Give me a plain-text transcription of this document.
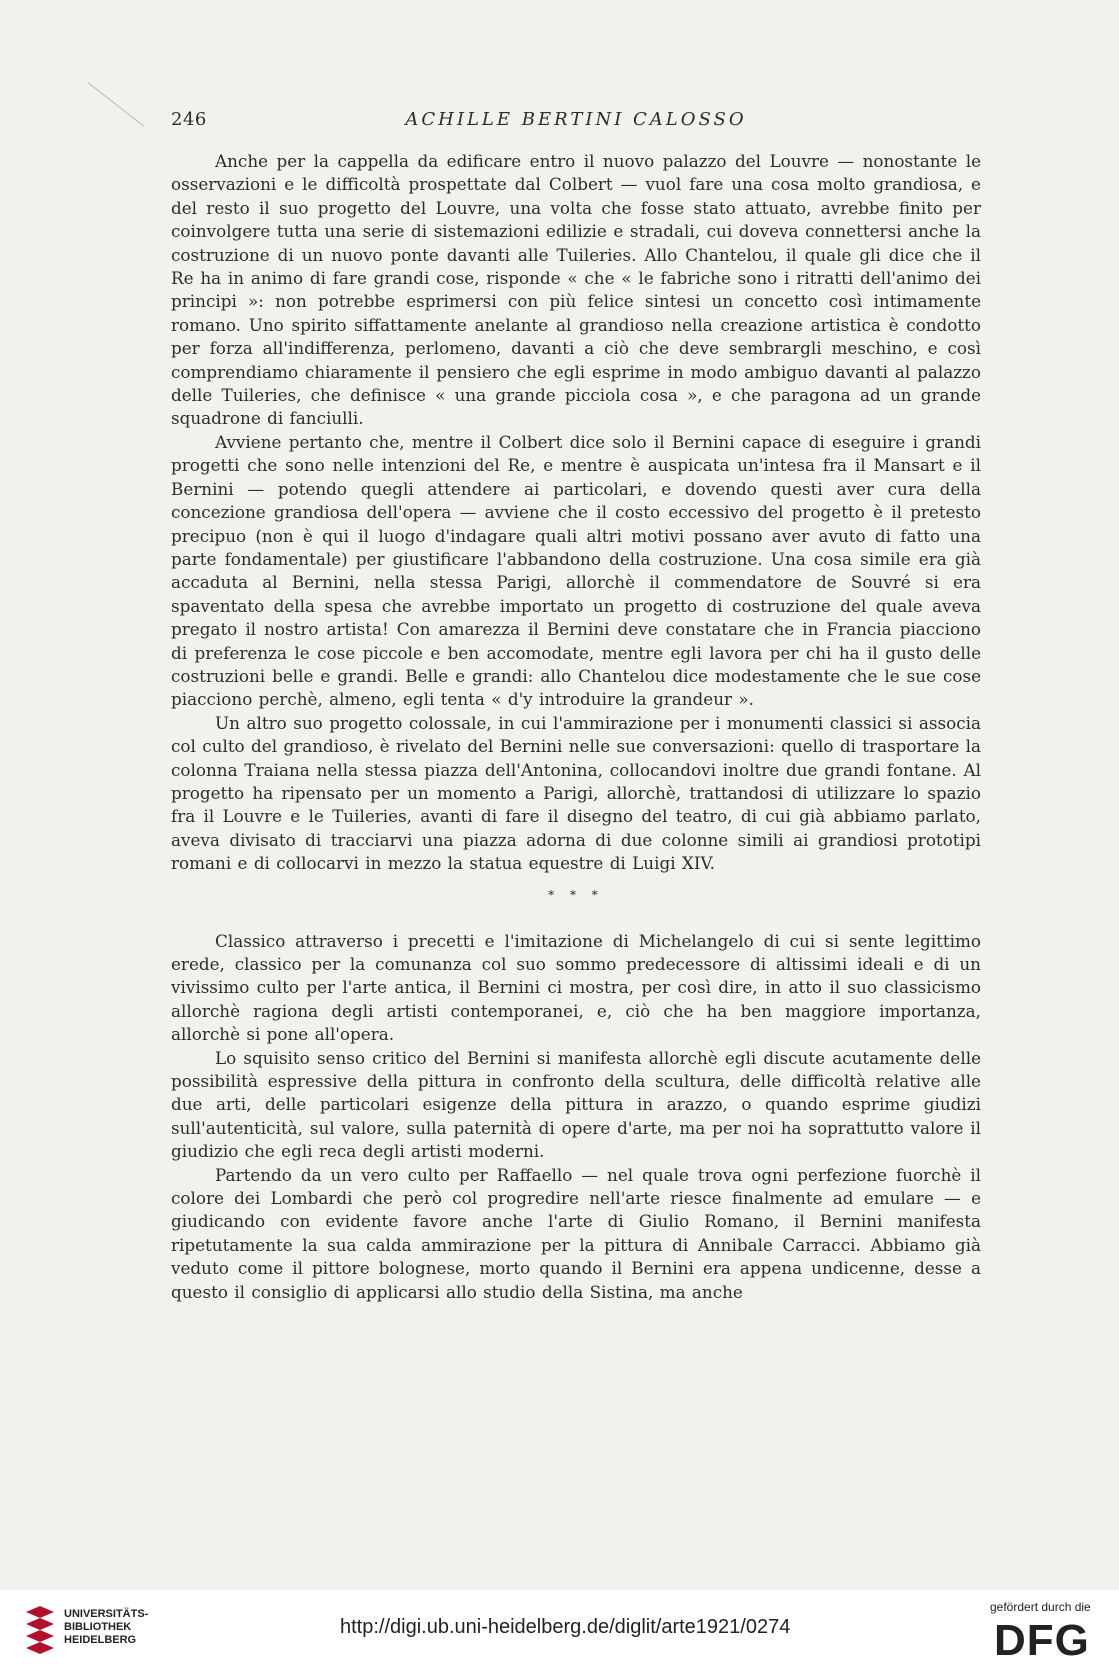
246	ACHILLE BERTINI CALOSSO

Anche per la cappella da edificare entro il nuovo palazzo del Louvre — nonostante le osservazioni e le difficoltà prospettate dal Colbert — vuol fare una cosa molto grandiosa, e del resto il suo progetto del Louvre, una volta che fosse stato attuato, avrebbe finito per coinvolgere tutta una serie di sistemazioni edilizie e stradali, cui doveva connettersi anche la costruzione di un nuovo ponte davanti alle Tuileries. Allo Chantelou, il quale gli dice che il Re ha in animo di fare grandi cose, risponde « che « le fabriche sono i ritratti dell'animo dei principi »: non potrebbe esprimersi con più felice sintesi un concetto così intimamente romano. Uno spirito siffattamente anelante al grandioso nella creazione artistica è condotto per forza all'indifferenza, perlomeno, davanti a ciò che deve sembrargli meschino, e così comprendiamo chiaramente il pensiero che egli esprime in modo ambiguo davanti al palazzo delle Tuileries, che definisce « una grande picciola cosa », e che paragona ad un grande squadrone di fanciulli.

Avviene pertanto che, mentre il Colbert dice solo il Bernini capace di eseguire i grandi progetti che sono nelle intenzioni del Re, e mentre è auspicata un'intesa fra il Mansart e il Bernini — potendo quegli attendere ai particolari, e dovendo questi aver cura della concezione grandiosa dell'opera — avviene che il costo eccessivo del progetto è il pretesto precipuo (non è qui il luogo d'indagare quali altri motivi possano aver avuto di fatto una parte fondamentale) per giustificare l'abbandono della costruzione. Una cosa simile era già accaduta al Bernini, nella stessa Parigi, allorchè il commendatore de Souvré si era spaventato della spesa che avrebbe importato un progetto di costruzione del quale aveva pregato il nostro artista! Con amarezza il Bernini deve constatare che in Francia piacciono di preferenza le cose piccole e ben accomodate, mentre egli lavora per chi ha il gusto delle costruzioni belle e grandi. Belle e grandi: allo Chantelou dice modestamente che le sue cose piacciono perchè, almeno, egli tenta « d'y introduire la grandeur ».

Un altro suo progetto colossale, in cui l'ammirazione per i monumenti classici si associa col culto del grandioso, è rivelato del Bernini nelle sue conversazioni: quello di trasportare la colonna Traiana nella stessa piazza dell'Antonina, collocandovi inoltre due grandi fontane. Al progetto ha ripensato per un momento a Parigi, allorchè, trattandosi di utilizzare lo spazio fra il Louvre e le Tuileries, avanti di fare il disegno del teatro, di cui già abbiamo parlato, aveva divisato di tracciarvi una piazza adorna di due colonne simili ai grandiosi prototipi romani e di collocarvi in mezzo la statua equestre di Luigi XIV.

* * *

Classico attraverso i precetti e l'imitazione di Michelangelo di cui si sente legittimo erede, classico per la comunanza col suo sommo predecessore di altissimi ideali e di un vivissimo culto per l'arte antica, il Bernini ci mostra, per così dire, in atto il suo classicismo allorchè ragiona degli artisti contemporanei, e, ciò che ha ben maggiore importanza, allorchè si pone all'opera.

Lo squisito senso critico del Bernini si manifesta allorchè egli discute acutamente delle possibilità espressive della pittura in confronto della scultura, delle difficoltà relative alle due arti, delle particolari esigenze della pittura in arazzo, o quando esprime giudizi sull'autenticità, sul valore, sulla paternità di opere d'arte, ma per noi ha soprattutto valore il giudizio che egli reca degli artisti moderni.

Partendo da un vero culto per Raffaello — nel quale trova ogni perfezione fuorchè il colore dei Lombardi che però col progredire nell'arte riesce finalmente ad emulare — e giudicando con evidente favore anche l'arte di Giulio Romano, il Bernini manifesta ripetutamente la sua calda ammirazione per la pittura di Annibale Carracci. Abbiamo già veduto come il pittore bolognese, morto quando il Bernini era appena undicenne, desse a questo il consiglio di applicarsi allo studio della Sistina, ma anche

UNIVERSITÄTS-
BIBLIOTHEK
HEIDELBERG
http://digi.ub.uni-heidelberg.de/diglit/arte1921/0274
gefördert durch die
DFG
